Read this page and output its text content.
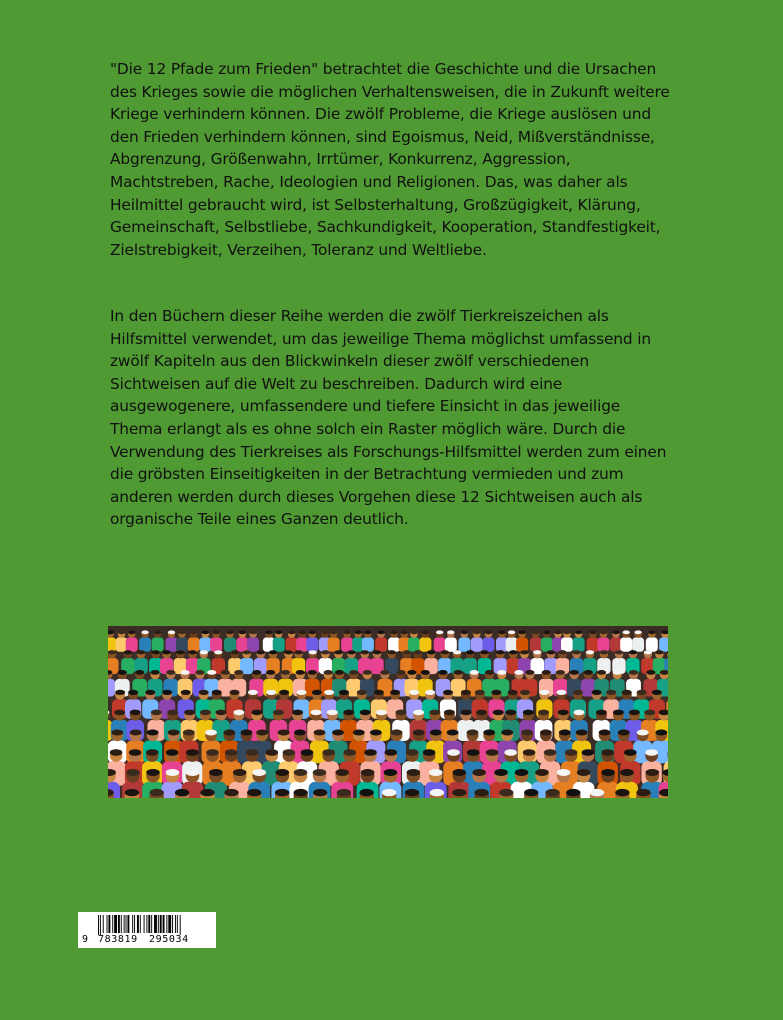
"Die 12 Pfade zum Frieden" betrachtet die Geschichte und die Ursachen des Krieges sowie die möglichen Verhaltensweisen, die in Zukunft weitere Kriege verhindern können. Die zwölf Probleme, die Kriege auslösen und den Frieden verhindern können, sind Egoismus, Neid, Mißverständnisse, Abgrenzung, Größenwahn, Irrtümer, Konkurrenz, Aggression, Machtstreben, Rache, Ideologien und Religionen. Das, was daher als Heilmittel gebraucht wird, ist Selbsterhaltung, Großzügigkeit, Klärung, Gemeinschaft, Selbstliebe, Sachkundigkeit, Kooperation, Standfestigkeit, Zielstrebigkeit, Verzeihen, Toleranz und Weltliebe.
In den Büchern dieser Reihe werden die zwölf Tierkreiszeichen als Hilfsmittel verwendet, um das jeweilige Thema möglichst umfassend in zwölf Kapiteln aus den Blickwinkeln dieser zwölf verschiedenen Sichtweisen auf die Welt zu beschreiben. Dadurch wird eine ausgewogenere, umfassendere und tiefere Einsicht in das jeweilige Thema erlangt als es ohne solch ein Raster möglich wäre. Durch die Verwendung des Tierkreises als Forschungs-Hilfsmittel werden zum einen die gröbsten Einseitigkeiten in der Betrachtung vermieden und zum anderen werden durch dieses Vorgehen diese 12 Sichtweisen auch als organische Teile eines Ganzen deutlich.
9 783819 295034
